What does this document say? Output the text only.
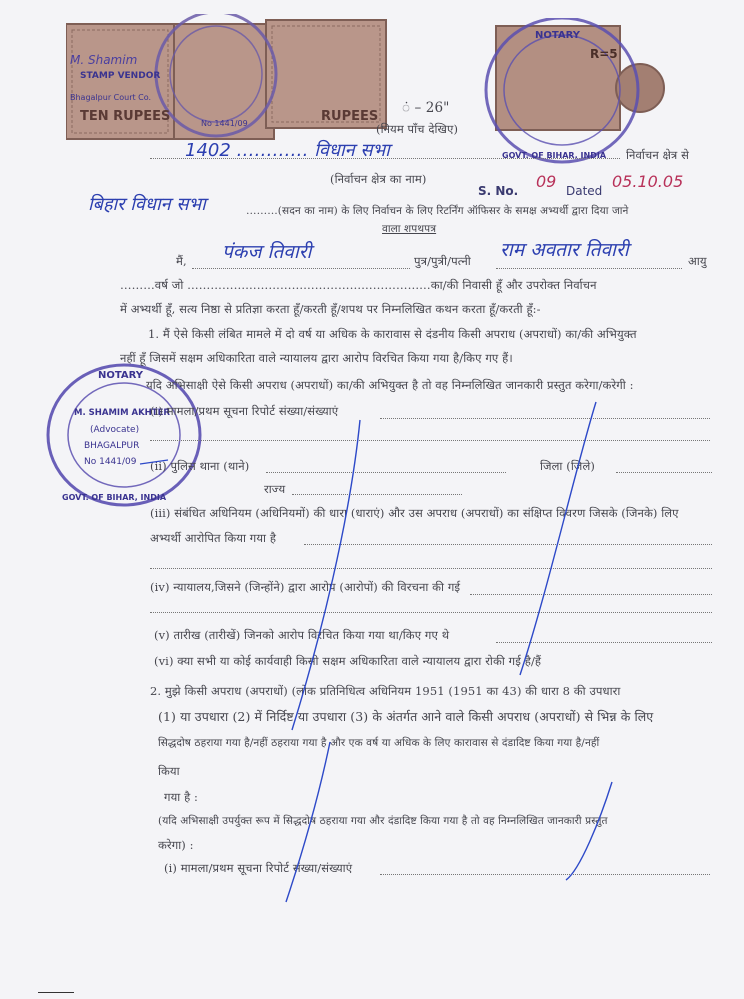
TEN RUPEES	RUPEES
M. Shamim
STAMP VENDOR
Bhagalpur Court Co.
No 1441/09
R=5
NOTARY
GOVT. OF BIHAR, INDIA
NOTARY
M. SHAMIM AKHTER
(Advocate)
BHAGALPUR
No 1441/09
GOVT. OF BIHAR, INDIA
ं – 26"
(नियम पाँच देखिए)
1402 ………… विधान सभा	निर्वाचन क्षेत्र से
(निर्वाचन क्षेत्र का नाम)
S. No. 09 Dated 05.10.05
बिहार विधान सभा	………(सदन का नाम) के लिए निर्वाचन के लिए रिटर्निंग ऑफिसर के समक्ष अभ्यर्थी द्वारा दिया जाने
वाला शपथपत्र
मैं, पंकज तिवारी	पुत्र/पुत्री/पत्नी राम अवतार तिवारी	आयु
………वर्ष जो ………………………………………………………का/की निवासी हूँ और उपरोक्त निर्वाचन
में अभ्यर्थी हूँ, सत्य निष्ठा से प्रतिज्ञा करता हूँ/करती हूँ/शपथ पर निम्नलिखित कथन करता हूँ/करती हूँ:-
1. मैं ऐसे किसी लंबित मामले में दो वर्ष या अधिक के कारावास से दंडनीय किसी अपराध (अपराधों) का/की अभियुक्त
नहीं हूँ जिसमें सक्षम अधिकारिता वाले न्यायालय द्वारा आरोप विरचित किया गया है/किए गए हैं।
यदि अभिसाक्षी ऐसे किसी अपराध (अपराधों) का/की अभियुक्त है तो वह निम्नलिखित जानकारी प्रस्तुत करेगा/करेगी :
(i) मामला/प्रथम सूचना रिपोर्ट संख्या/संख्याएं
(ii) पुलिस थाना (थाने)	जिला (जिले)
राज्य
(iii) संबंधित अधिनियम (अधिनियमों) की धारा (धाराएं) और उस अपराध (अपराधों) का संक्षिप्त विवरण जिसके (जिनके) लिए
अभ्यर्थी आरोपित किया गया है
(iv) न्यायालय,जिसने (जिन्होंने) द्वारा आरोप (आरोपों) की विरचना की गई
(v) तारीख (तारीखें) जिनको आरोप विरचित किया गया था/किए गए थे
(vi) क्या सभी या कोई कार्यवाही किसी सक्षम अधिकारिता वाले न्यायालय द्वारा रोकी गई है/हैं
2. मुझे किसी अपराध (अपराधों) (लोक प्रतिनिधित्व अधिनियम 1951 (1951 का 43) की धारा 8 की उपधारा
(1) या उपधारा (2) में निर्दिष्ट या उपधारा (3) के अंतर्गत आने वाले किसी अपराध (अपराधों) से भिन्न के लिए
सिद्धदोष ठहराया गया है/नहीं ठहराया गया है और एक वर्ष या अधिक के लिए कारावास से दंडादिष्ट किया गया है/नहीं
किया
गया है :
(यदि अभिसाक्षी उपर्युक्त रूप में सिद्धदोष ठहराया गया और दंडादिष्ट किया गया है तो वह निम्नलिखित जानकारी प्रस्तुत
करेगा) :
(i) मामला/प्रथम सूचना रिपोर्ट संख्या/संख्याएं
